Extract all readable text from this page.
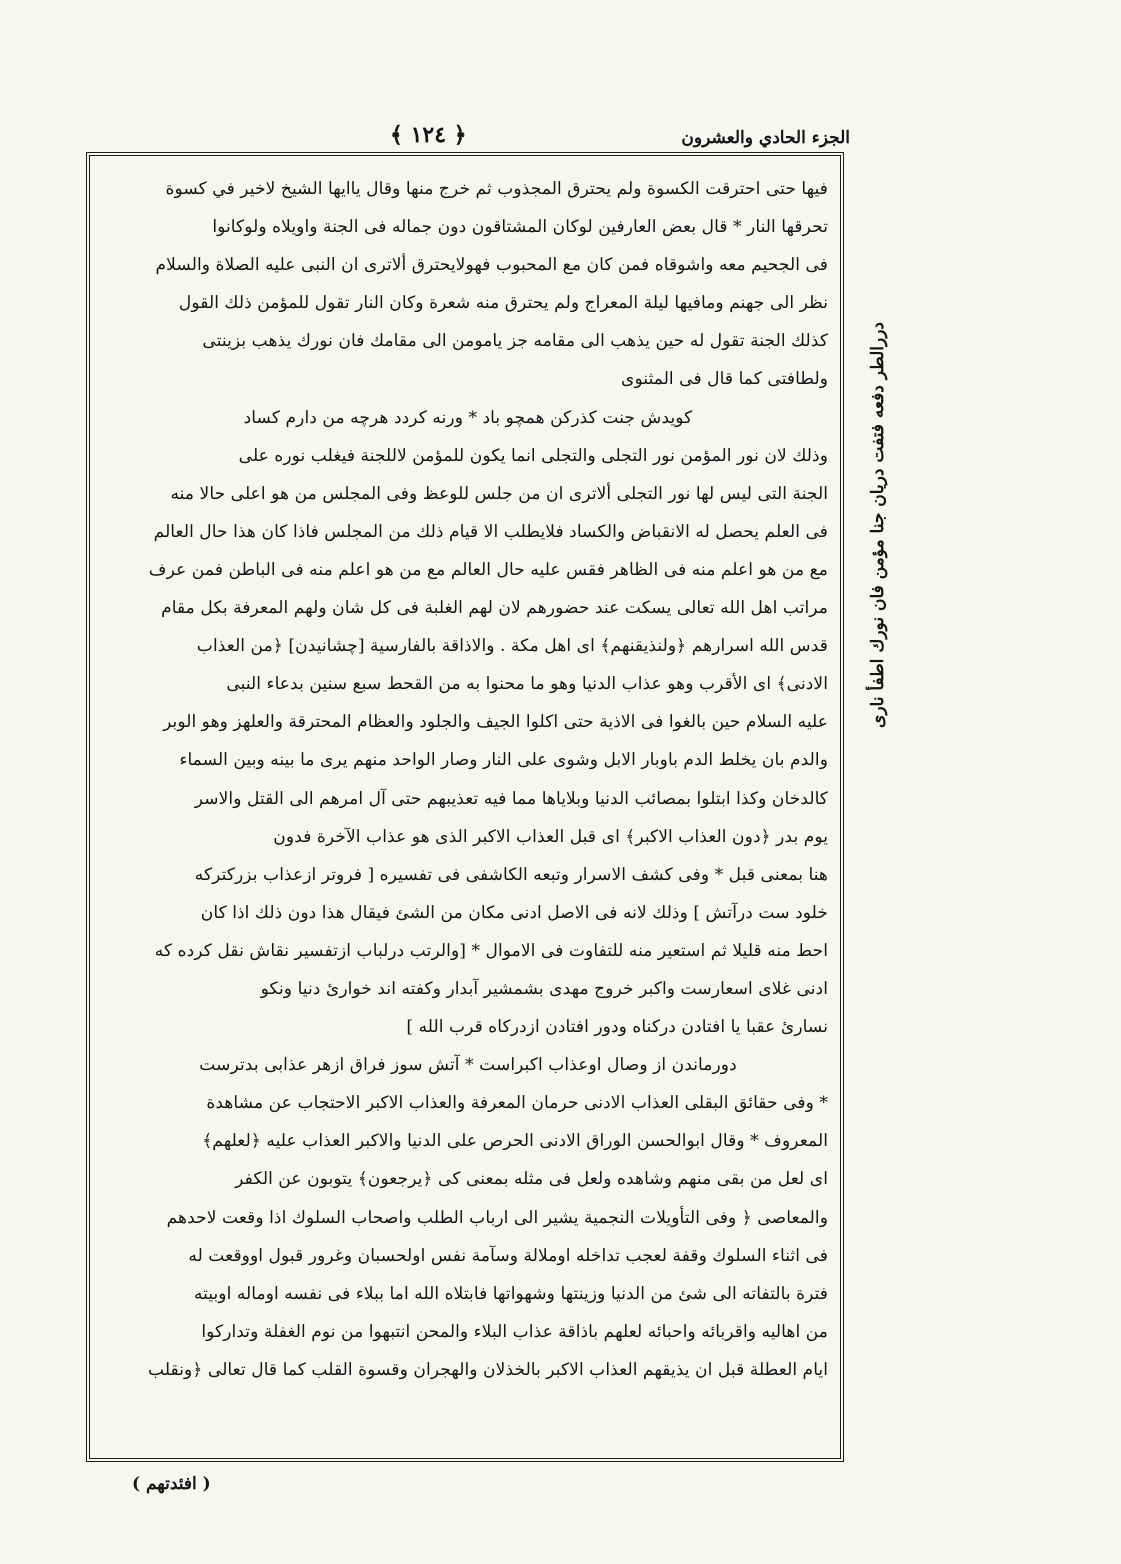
الجزء الحادي والعشرون
﴿ ١٢٤ ﴾
دررالطر دفعه فتفت دريان جنا مؤمن فان نورك اطفأ نارى

فيها حتى احترقت الكسوة ولم يحترق المجذوب ثم خرج منها وقال ياايها الشيخ لاخير في كسوة

تحرقها النار * قال بعض العارفين لوكان المشتاقون دون جماله فى الجنة واويلاه ولوكانوا

فى الجحيم معه واشوقاه فمن كان مع المحبوب فهولايحترق ألاترى ان النبى عليه الصلاة والسلام

نظر الى جهنم ومافيها ليلة المعراج ولم يحترق منه شعرة وكان النار تقول للمؤمن ذلك القول

كذلك الجنة تقول له حين يذهب الى مقامه جز يامومن الى مقامك فان نورك يذهب بزينتى

ولطافتى كما قال فى المثنوى

كويدش جنت كذركن همچو باد * ورنه كردد هرچه من دارم كساد

وذلك لان نور المؤمن نور التجلى والتجلى انما يكون للمؤمن لاللجنة فيغلب نوره على

الجنة التى ليس لها نور التجلى ألاترى ان من جلس للوعظ وفى المجلس من هو اعلى حالا منه

فى العلم يحصل له الانقباض والكساد فلايطلب الا قيام ذلك من المجلس فاذا كان هذا حال العالم

مع من هو اعلم منه فى الظاهر فقس عليه حال العالم مع من هو اعلم منه فى الباطن فمن عرف

مراتب اهل الله تعالى يسكت عند حضورهم لان لهم الغلبة فى كل شان ولهم المعرفة بكل مقام

قدس الله اسرارهم ﴿ولنذيقنهم﴾ اى اهل مكة . والاذاقة بالفارسية [چشانيدن] ﴿من العذاب

الادنى﴾ اى الأقرب وهو عذاب الدنيا وهو ما محنوا به من القحط سبع سنين بدعاء النبى

عليه السلام حين بالغوا فى الاذية حتى اكلوا الجيف والجلود والعظام المحترقة والعلهز وهو الوبر

والدم بان يخلط الدم باوبار الابل وشوى على النار وصار الواحد منهم يرى ما بينه وبين السماء

كالدخان وكذا ابتلوا بمصائب الدنيا وبلاياها مما فيه تعذيبهم حتى آل امرهم الى القتل والاسر

يوم بدر ﴿دون العذاب الاكبر﴾ اى قبل العذاب الاكبر الذى هو عذاب الآخرة فدون

هنا بمعنى قبل * وفى كشف الاسرار وتبعه الكاشفى فى تفسيره [ فروتر ازعذاب بزركتركه

خلود ست درآتش ] وذلك لانه فى الاصل ادنى مكان من الشئ فيقال هذا دون ذلك اذا كان

احط منه قليلا ثم استعير منه للتفاوت فى الاموال * [والرتب درلباب ازتفسير نقاش نقل كرده كه

ادنى غلاى اسعارست واكبر خروج مهدى بشمشير آبدار وكفته اند خوارئ دنيا ونكو

نسارئ عقبا يا افتادن دركناه ودور افتادن ازدركاه قرب الله ]

دورماندن از وصال اوعذاب اكبراست * آتش سوز فراق ازهر عذابى بدترست

* وفى حقائق البقلى العذاب الادنى حرمان المعرفة والعذاب الاكبر الاحتجاب عن مشاهدة

المعروف * وقال ابوالحسن الوراق الادنى الحرص على الدنيا والاكبر العذاب عليه ﴿لعلهم﴾

اى لعل من بقى منهم وشاهده ولعل فى مثله بمعنى كى ﴿يرجعون﴾ يتوبون عن الكفر

والمعاصى ﴿ وفى التأويلات النجمية يشير الى ارباب الطلب واصحاب السلوك اذا وقعت لاحدهم

فى اثناء السلوك وقفة لعجب تداخله اوملالة وسآمة نفس اولحسبان وغرور قبول اووقعت له

فترة بالتفاته الى شئ من الدنيا وزينتها وشهواتها فابتلاه الله اما ببلاء فى نفسه اوماله اوبيته

من اهاليه واقربائه واحبائه لعلهم باذاقة عذاب البلاء والمحن انتبهوا من نوم الغفلة وتداركوا

ايام العطلة قبل ان يذيقهم العذاب الاكبر بالخذلان والهجران وقسوة القلب كما قال تعالى ﴿ونقلب

( افئدتهم )
